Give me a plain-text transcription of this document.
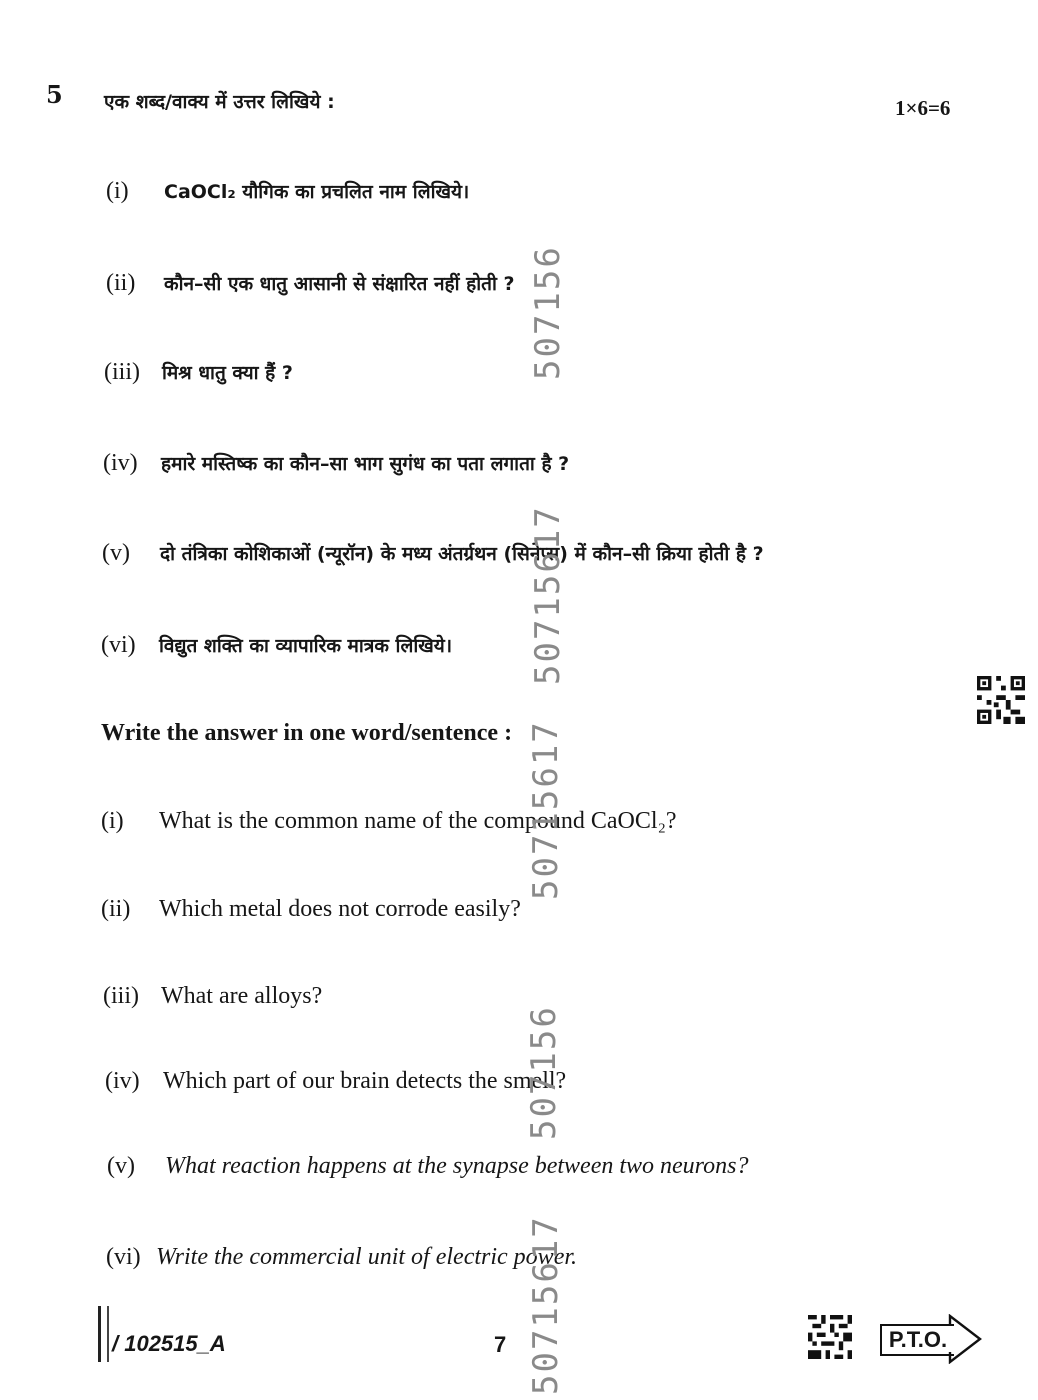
5 एक शब्द/वाक्य में उत्तर लिखिये :	1×6=6
(i) CaOCl₂ यौगिक का प्रचलित नाम लिखिये।
(ii) कौन–सी एक धातु आसानी से संक्षारित नहीं होती ?
(iii) मिश्र धातु क्या हैं ?
(iv) हमारे मस्तिष्क का कौन–सा भाग सुगंध का पता लगाता है ?
(v) दो तंत्रिका कोशिकाओं (न्यूरॉन) के मध्य अंतर्ग्रथन (सिनेप्स) में कौन–सी क्रिया होती है ?
(vi) विद्युत शक्ति का व्यापारिक मात्रक लिखिये।
Write the answer in one word/sentence :
(i) What is the common name of the compound CaOCl₂?
(ii) Which metal does not corrode easily?
(iii) What are alloys?
(iv) Which part of our brain detects the smell?
(v) What reaction happens at the synapse between two neurons?
(vi) Write the commercial unit of electric power.
507156
50715617
50715617
507156
50715617
/ 102515_A	7	P.T.O.
